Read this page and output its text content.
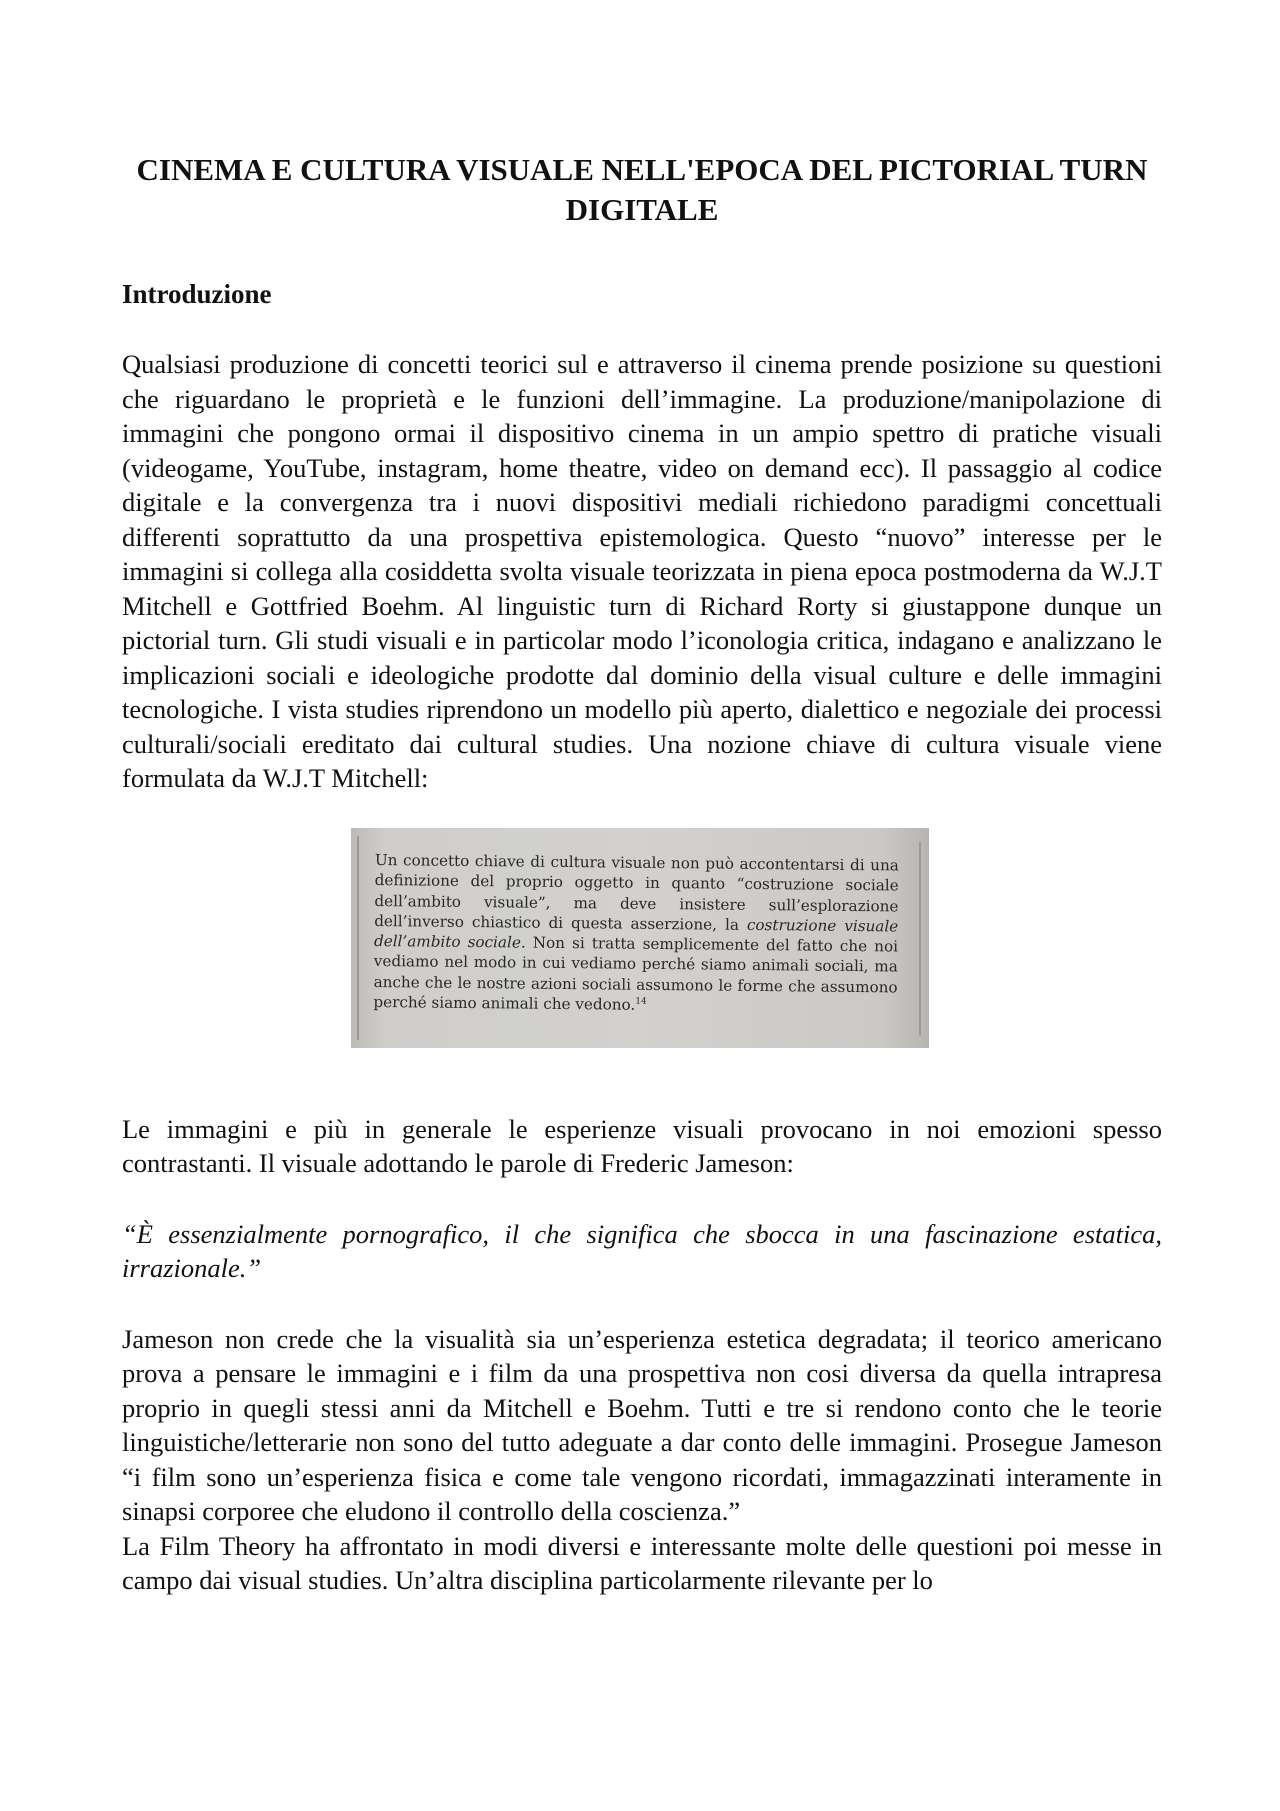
CINEMA E CULTURA VISUALE NELL'EPOCA DEL PICTORIAL TURN DIGITALE
Introduzione

Qualsiasi produzione di concetti teorici sul e attraverso il cinema prende posizione su questioni che riguardano le proprietà e le funzioni dell’immagine. La produzione/manipolazione di immagini che pongono ormai il dispositivo cinema in un ampio spettro di pratiche visuali (videogame, YouTube, instagram, home theatre, video on demand ecc). Il passaggio al codice digitale e la convergenza tra i nuovi dispositivi mediali richiedono paradigmi concettuali differenti soprattutto da una prospettiva epistemologica. Questo “nuovo” interesse per le immagini si collega alla cosiddetta svolta visuale teorizzata in piena epoca postmoderna da W.J.T Mitchell e Gottfried Boehm. Al linguistic turn di Richard Rorty si giustappone dunque un pictorial turn. Gli studi visuali e in particolar modo l’iconologia critica, indagano e analizzano le implicazioni sociali e ideologiche prodotte dal dominio della visual culture e delle immagini tecnologiche. I vista studies riprendono un modello più aperto, dialettico e negoziale dei processi culturali/sociali ereditato dai cultural studies. Una nozione chiave di cultura visuale viene formulata da W.J.T Mitchell:

Un concetto chiave di cultura visuale non può accontentarsi di una definizione del proprio oggetto in quanto “costruzione sociale dell’ambito visuale”, ma deve insistere sull’esplorazione dell’inverso chiastico di questa asserzione, la costruzione visuale dell’ambito sociale. Non si tratta semplicemente del fatto che noi vediamo nel modo in cui vediamo perché siamo animali sociali, ma anche che le nostre azioni sociali assumono le forme che assumono perché siamo animali che vedono.$^{14}$

Le immagini e più in generale le esperienze visuali provocano in noi emozioni spesso contrastanti. Il visuale adottando le parole di Frederic Jameson:

“È essenzialmente pornografico, il che significa che sbocca in una fascinazione estatica, irrazionale.”

Jameson non crede che la visualità sia un’esperienza estetica degradata; il teorico americano prova a pensare le immagini e i film da una prospettiva non cosi diversa da quella intrapresa proprio in quegli stessi anni da Mitchell e Boehm. Tutti e tre si rendono conto che le teorie linguistiche/letterarie non sono del tutto adeguate a dar conto delle immagini. Prosegue Jameson “i film sono un’esperienza fisica e come tale vengono ricordati, immagazzinati interamente in sinapsi corporee che eludono il controllo della coscienza.”

La Film Theory ha affrontato in modi diversi e interessante molte delle questioni poi messe in campo dai visual studies. Un’altra disciplina particolarmente rilevante per lo
